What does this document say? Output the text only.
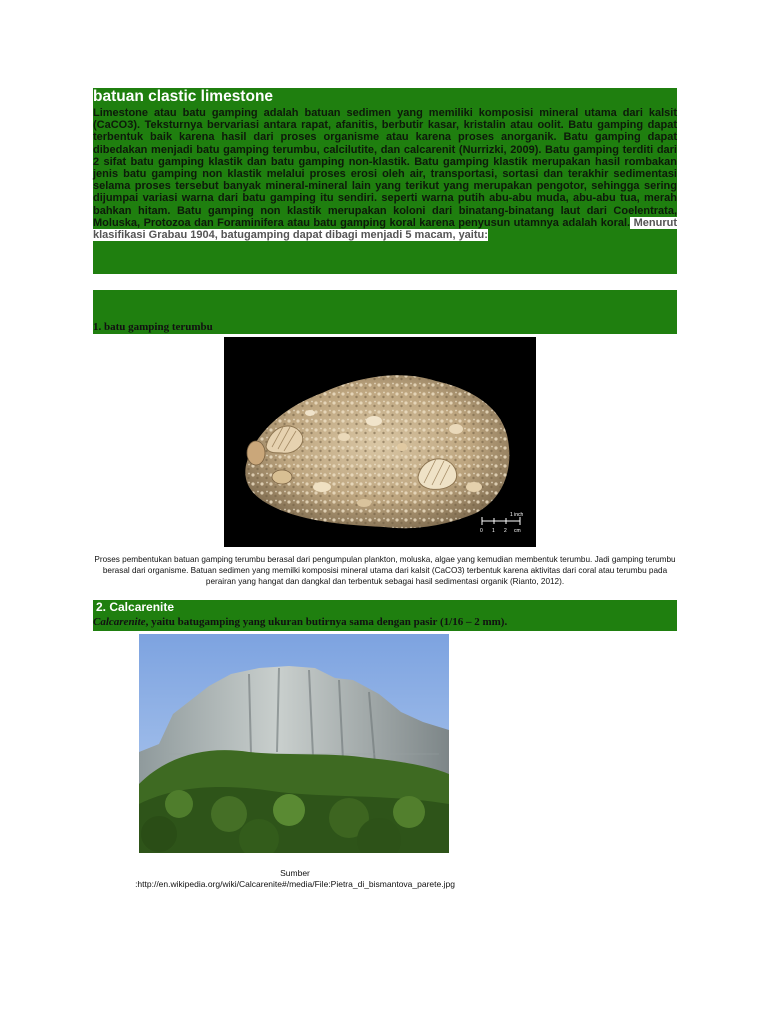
batuan clastic limestone

Limestone atau batu gamping adalah batuan sedimen yang memiliki komposisi mineral utama dari kalsit (CaCO3). Teksturnya bervariasi antara rapat, afanitis, berbutir kasar, kristalin atau oolit. Batu gamping dapat terbentuk baik karena hasil dari proses organisme atau karena proses anorganik. Batu gamping dapat dibedakan menjadi batu gamping terumbu, calcilutite, dan calcarenit (Nurrizki, 2009). Batu gamping terditi dari 2 sifat batu gamping klastik dan batu gamping non-klastik. Batu gamping klastik merupakan hasil rombakan jenis batu gamping non klastik melalui proses erosi oleh air, transportasi, sortasi dan terakhir sedimentasi selama proses tersebut banyak mineral-mineral lain yang terikut yang merupakan pengotor, sehingga sering dijumpai variasi warna dari batu gamping itu sendiri. seperti warna putih abu-abu muda, abu-abu tua, merah bahkan hitam. Batu gamping non klastik merupakan koloni dari binatang-binatang laut dari Coelentrata, Moluska, Protozoa dan Foraminifera atau batu gamping koral karena penyusun utamnya adalah koral. Menurut klasifikasi Grabau 1904, batugamping dapat dibagi menjadi 5 macam, yaitu:

1. batu gamping terumbu
1 inch
0 1 2 cm

Proses pembentukan batuan gamping terumbu berasal dari pengumpulan plankton, moluska, algae yang kemudian membentuk terumbu. Jadi gamping terumbu berasal dari organisme. Batuan sedimen yang memilki komposisi mineral utama dari kalsit (CaCO3) terbentuk karena aktivitas dari coral atau terumbu pada perairan yang hangat dan dangkal dan terbentuk sebagai hasil sedimentasi organik (Rianto, 2012).

2. Calcarenite
Calcarenite, yaitu batugamping yang ukuran butirnya sama dengan pasir (1/16 – 2 mm).
Sumber
:http://en.wikipedia.org/wiki/Calcarenite#/media/File:Pietra_di_bismantova_parete.jpg
